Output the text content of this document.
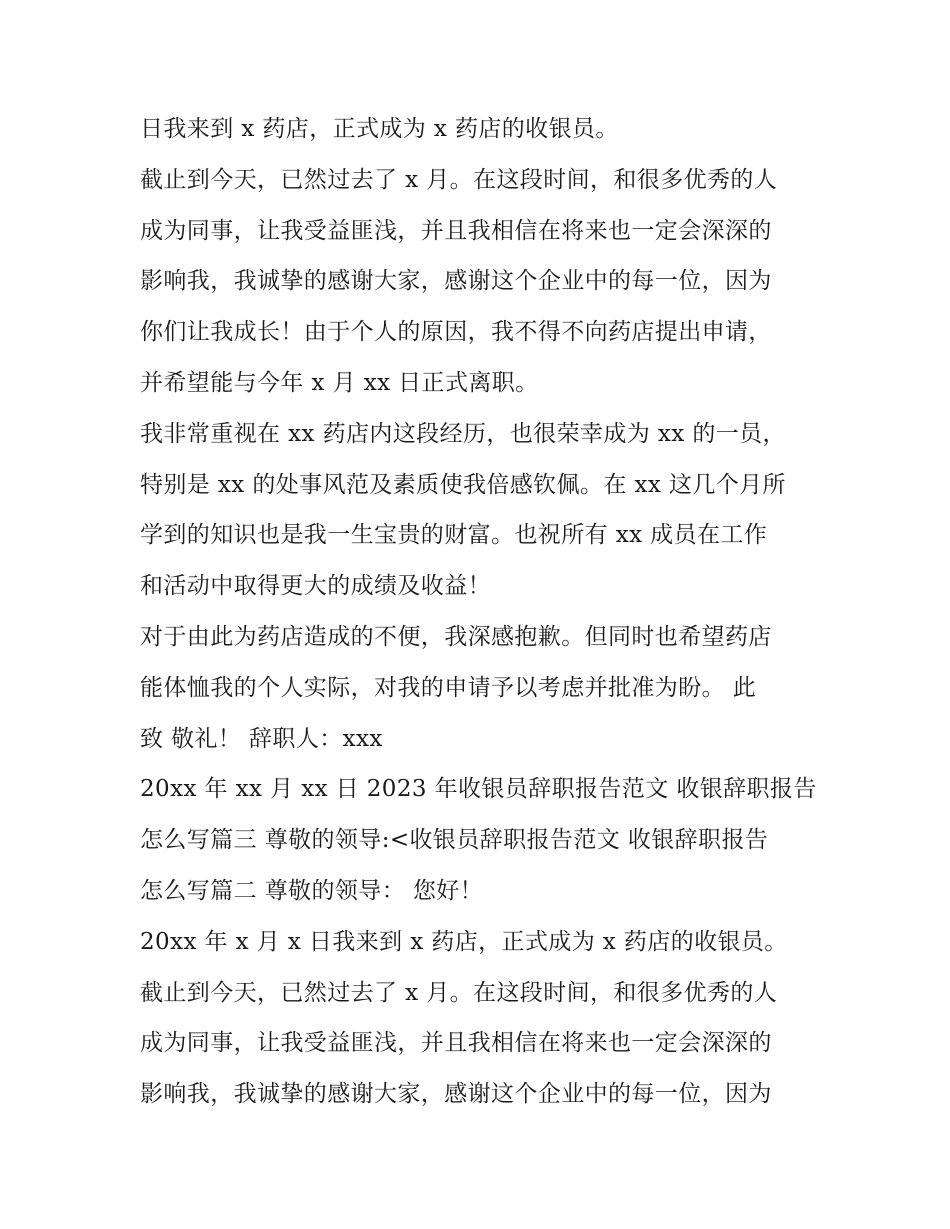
日我来到 x 药店，正式成为 x 药店的收银员。
截止到今天，已然过去了 x 月。在这段时间，和很多优秀的人
成为同事，让我受益匪浅，并且我相信在将来也一定会深深的
影响我，我诚挚的感谢大家，感谢这个企业中的每一位，因为
你们让我成长！由于个人的原因，我不得不向药店提出申请，
并希望能与今年 x 月 xx 日正式离职。
我非常重视在 xx 药店内这段经历，也很荣幸成为 xx 的一员，
特别是 xx 的处事风范及素质使我倍感钦佩。在 xx 这几个月所
学到的知识也是我一生宝贵的财富。也祝所有 xx 成员在工作
和活动中取得更大的成绩及收益！
对于由此为药店造成的不便，我深感抱歉。但同时也希望药店
能体恤我的个人实际，对我的申请予以考虑并批准为盼。 此
致 敬礼！ 辞职人：xxx
20xx 年 xx 月 xx 日 2023 年收银员辞职报告范文 收银辞职报告
怎么写篇三 尊敬的领导:<收银员辞职报告范文 收银辞职报告
怎么写篇二 尊敬的领导： 您好！
20xx 年 x 月 x 日我来到 x 药店，正式成为 x 药店的收银员。
截止到今天，已然过去了 x 月。在这段时间，和很多优秀的人
成为同事，让我受益匪浅，并且我相信在将来也一定会深深的
影响我，我诚挚的感谢大家，感谢这个企业中的每一位，因为
